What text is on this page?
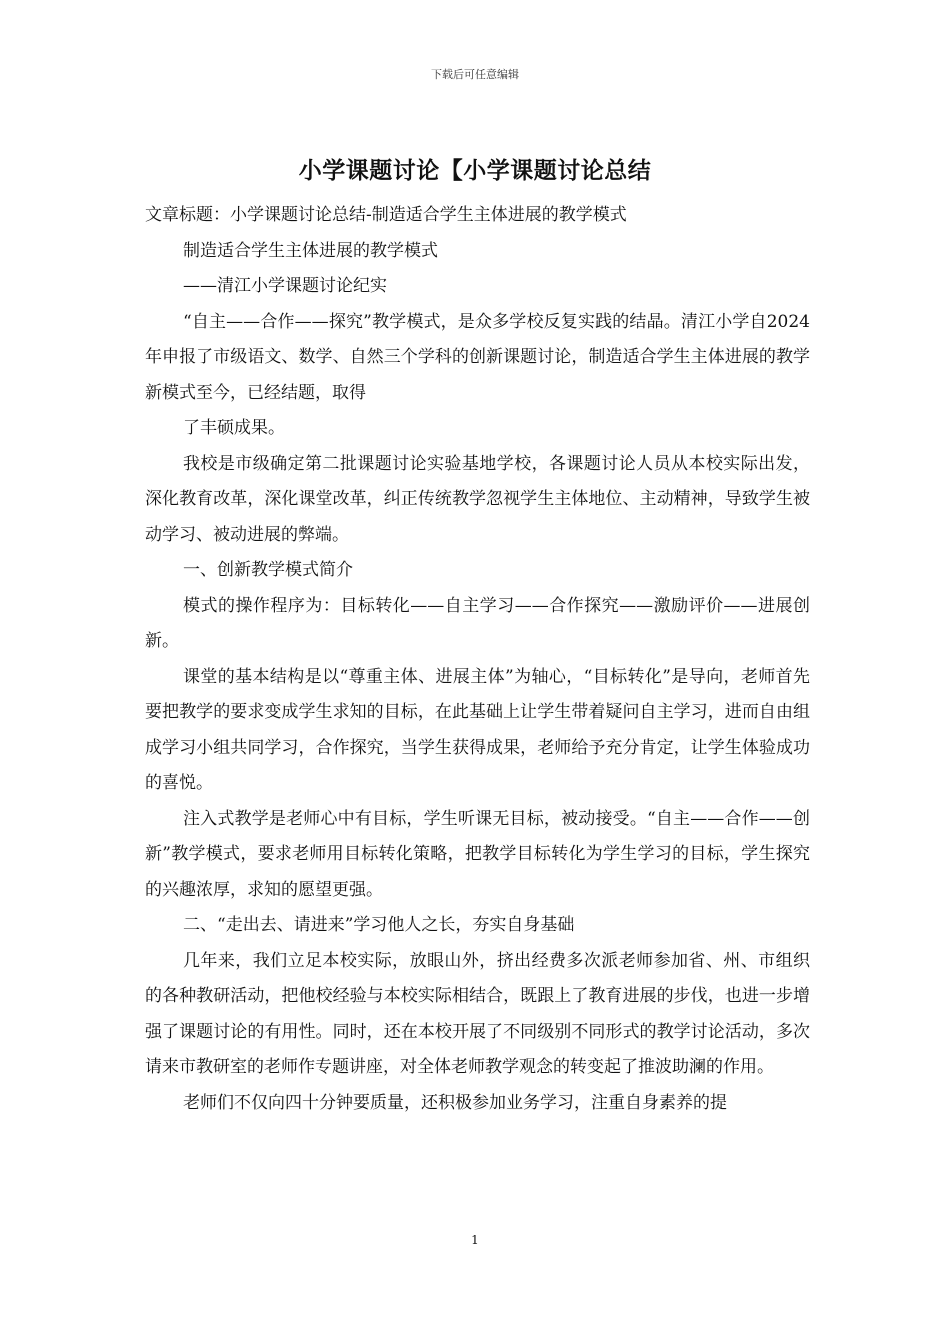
下载后可任意编辑
小学课题讨论【小学课题讨论总结

文章标题：小学课题讨论总结-制造适合学生主体进展的教学模式

制造适合学生主体进展的教学模式

——清江小学课题讨论纪实

“自主——合作——探究”教学模式，是众多学校反复实践的结晶。清江小学自2024年申报了市级语文、数学、自然三个学科的创新课题讨论，制造适合学生主体进展的教学新模式至今，已经结题，取得

了丰硕成果。

我校是市级确定第二批课题讨论实验基地学校，各课题讨论人员从本校实际出发，深化教育改革，深化课堂改革，纠正传统教学忽视学生主体地位、主动精神，导致学生被动学习、被动进展的弊端。

一、创新教学模式简介

模式的操作程序为：目标转化——自主学习——合作探究——激励评价——进展创新。

课堂的基本结构是以“尊重主体、进展主体”为轴心，“目标转化”是导向，老师首先要把教学的要求变成学生求知的目标，在此基础上让学生带着疑问自主学习，进而自由组成学习小组共同学习，合作探究，当学生获得成果，老师给予充分肯定，让学生体验成功的喜悦。

注入式教学是老师心中有目标，学生听课无目标，被动接受。“自主——合作——创新”教学模式，要求老师用目标转化策略，把教学目标转化为学生学习的目标，学生探究的兴趣浓厚，求知的愿望更强。

二、“走出去、请进来”学习他人之长，夯实自身基础

几年来，我们立足本校实际，放眼山外，挤出经费多次派老师参加省、州、市组织的各种教研活动，把他校经验与本校实际相结合，既跟上了教育进展的步伐，也进一步增强了课题讨论的有用性。同时，还在本校开展了不同级别不同形式的教学讨论活动，多次请来市教研室的老师作专题讲座，对全体老师教学观念的转变起了推波助澜的作用。

老师们不仅向四十分钟要质量，还积极参加业务学习，注重自身素养的提

1
